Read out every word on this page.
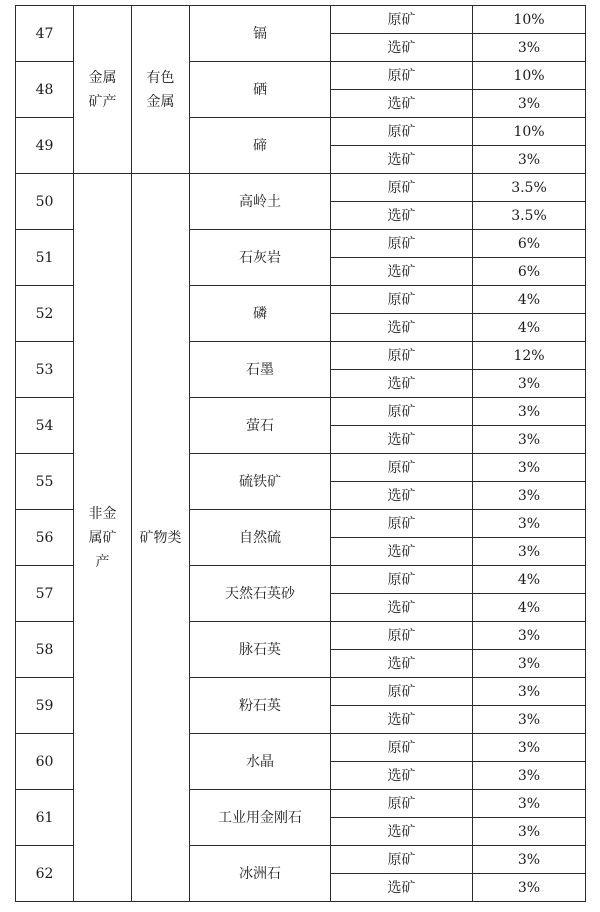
47	金属矿产	有色金属	镉	原矿	10%
				选矿	3%
48			硒	原矿	10%
				选矿	3%
49			碲	原矿	10%
				选矿	3%
50	非金属矿产	矿物类	高岭土	原矿	3.5%
				选矿	3.5%
51			石灰岩	原矿	6%
				选矿	6%
52			磷	原矿	4%
				选矿	4%
53			石墨	原矿	12%
				选矿	3%
54			萤石	原矿	3%
				选矿	3%
55			硫铁矿	原矿	3%
				选矿	3%
56			自然硫	原矿	3%
				选矿	3%
57			天然石英砂	原矿	4%
				选矿	4%
58			脉石英	原矿	3%
				选矿	3%
59			粉石英	原矿	3%
				选矿	3%
60			水晶	原矿	3%
				选矿	3%
61			工业用金刚石	原矿	3%
				选矿	3%
62			冰洲石	原矿	3%
				选矿	3%
